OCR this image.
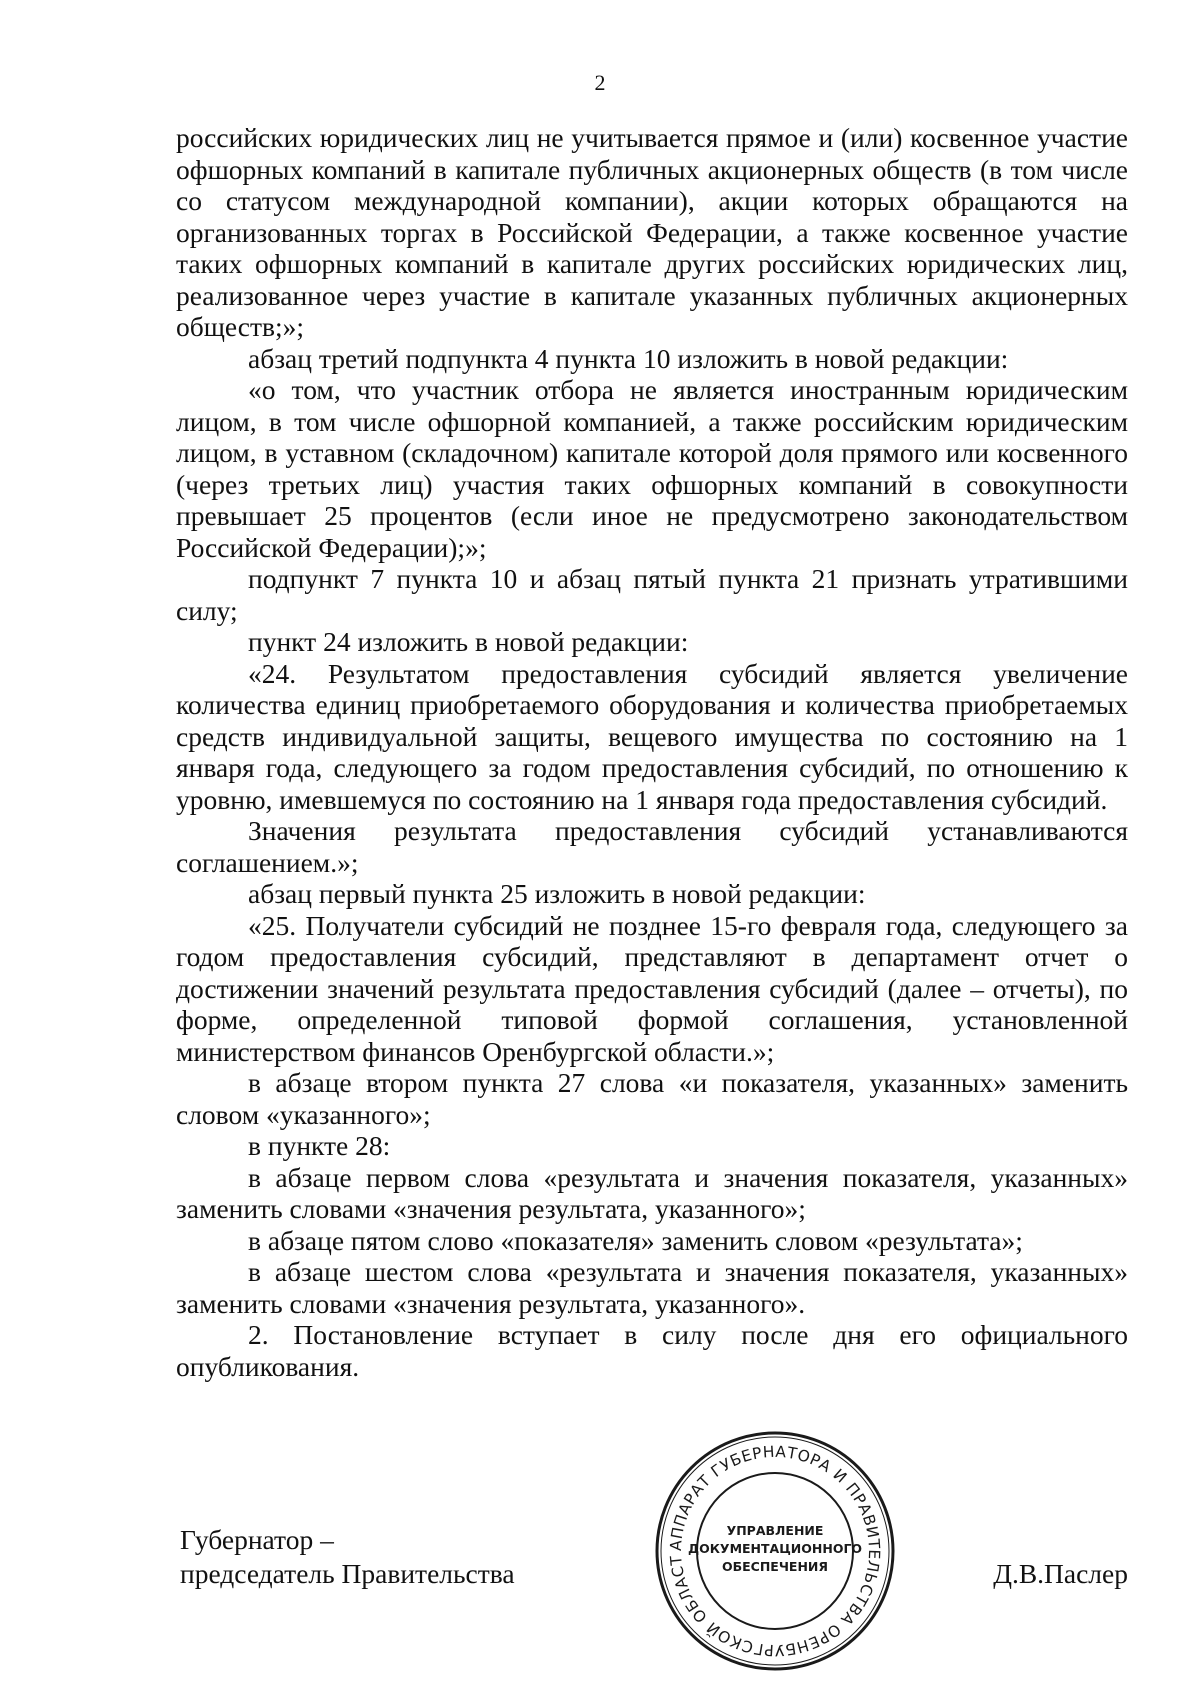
2

российских юридических лиц не учитывается прямое и (или) косвенное участие офшорных компаний в капитале публичных акционерных обществ (в том числе со статусом международной компании), акции которых обращаются на организованных торгах в Российской Федерации, а также косвенное участие таких офшорных компаний в капитале других российских юридических лиц, реализованное через участие в капитале указанных публичных акционерных обществ;»;

абзац третий подпункта 4 пункта 10 изложить в новой редакции:

«о том, что участник отбора не является иностранным юридическим лицом, в том числе офшорной компанией, а также российским юридическим лицом, в уставном (складочном) капитале которой доля прямого или косвенного (через третьих лиц) участия таких офшорных компаний в совокупности превышает 25 процентов (если иное не предусмотрено законодательством Российской Федерации);»;

подпункт 7 пункта 10 и абзац пятый пункта 21 признать утратившими силу;

пункт 24 изложить в новой редакции:

«24. Результатом предоставления субсидий является увеличение количества единиц приобретаемого оборудования и количества приобретаемых средств индивидуальной защиты, вещевого имущества по состоянию на 1 января года, следующего за годом предоставления субсидий, по отношению к уровню, имевшемуся по состоянию на 1 января года предоставления субсидий.

Значения результата предоставления субсидий устанавливаются соглашением.»;

абзац первый пункта 25 изложить в новой редакции:

«25. Получатели субсидий не позднее 15-го февраля года, следующего за годом предоставления субсидий, представляют в департамент отчет о достижении значений результата предоставления субсидий (далее – отчеты), по форме, определенной типовой формой соглашения, установленной министерством финансов Оренбургской области.»;

в абзаце втором пункта 27 слова «и показателя, указанных» заменить словом «указанного»;

в пункте 28:

в абзаце первом слова «результата и значения показателя, указанных» заменить словами «значения результата, указанного»;

в абзаце пятом слово «показателя» заменить словом «результата»;

в абзаце шестом слова «результата и значения показателя, указанных» заменить словами «значения результата, указанного».

2. Постановление вступает в силу после дня его официального опубликования.

Губернатор –
председатель Правительства
АППАРАТ ГУБЕРНАТОРА И ПРАВИТЕЛЬСТВА ОРЕНБУРГСКОЙ ОБЛАСТ
УПРАВЛЕНИЕ
ДОКУМЕНТАЦИОННОГО
ОБЕСПЕЧЕНИЯ	Д.В.Паслер
